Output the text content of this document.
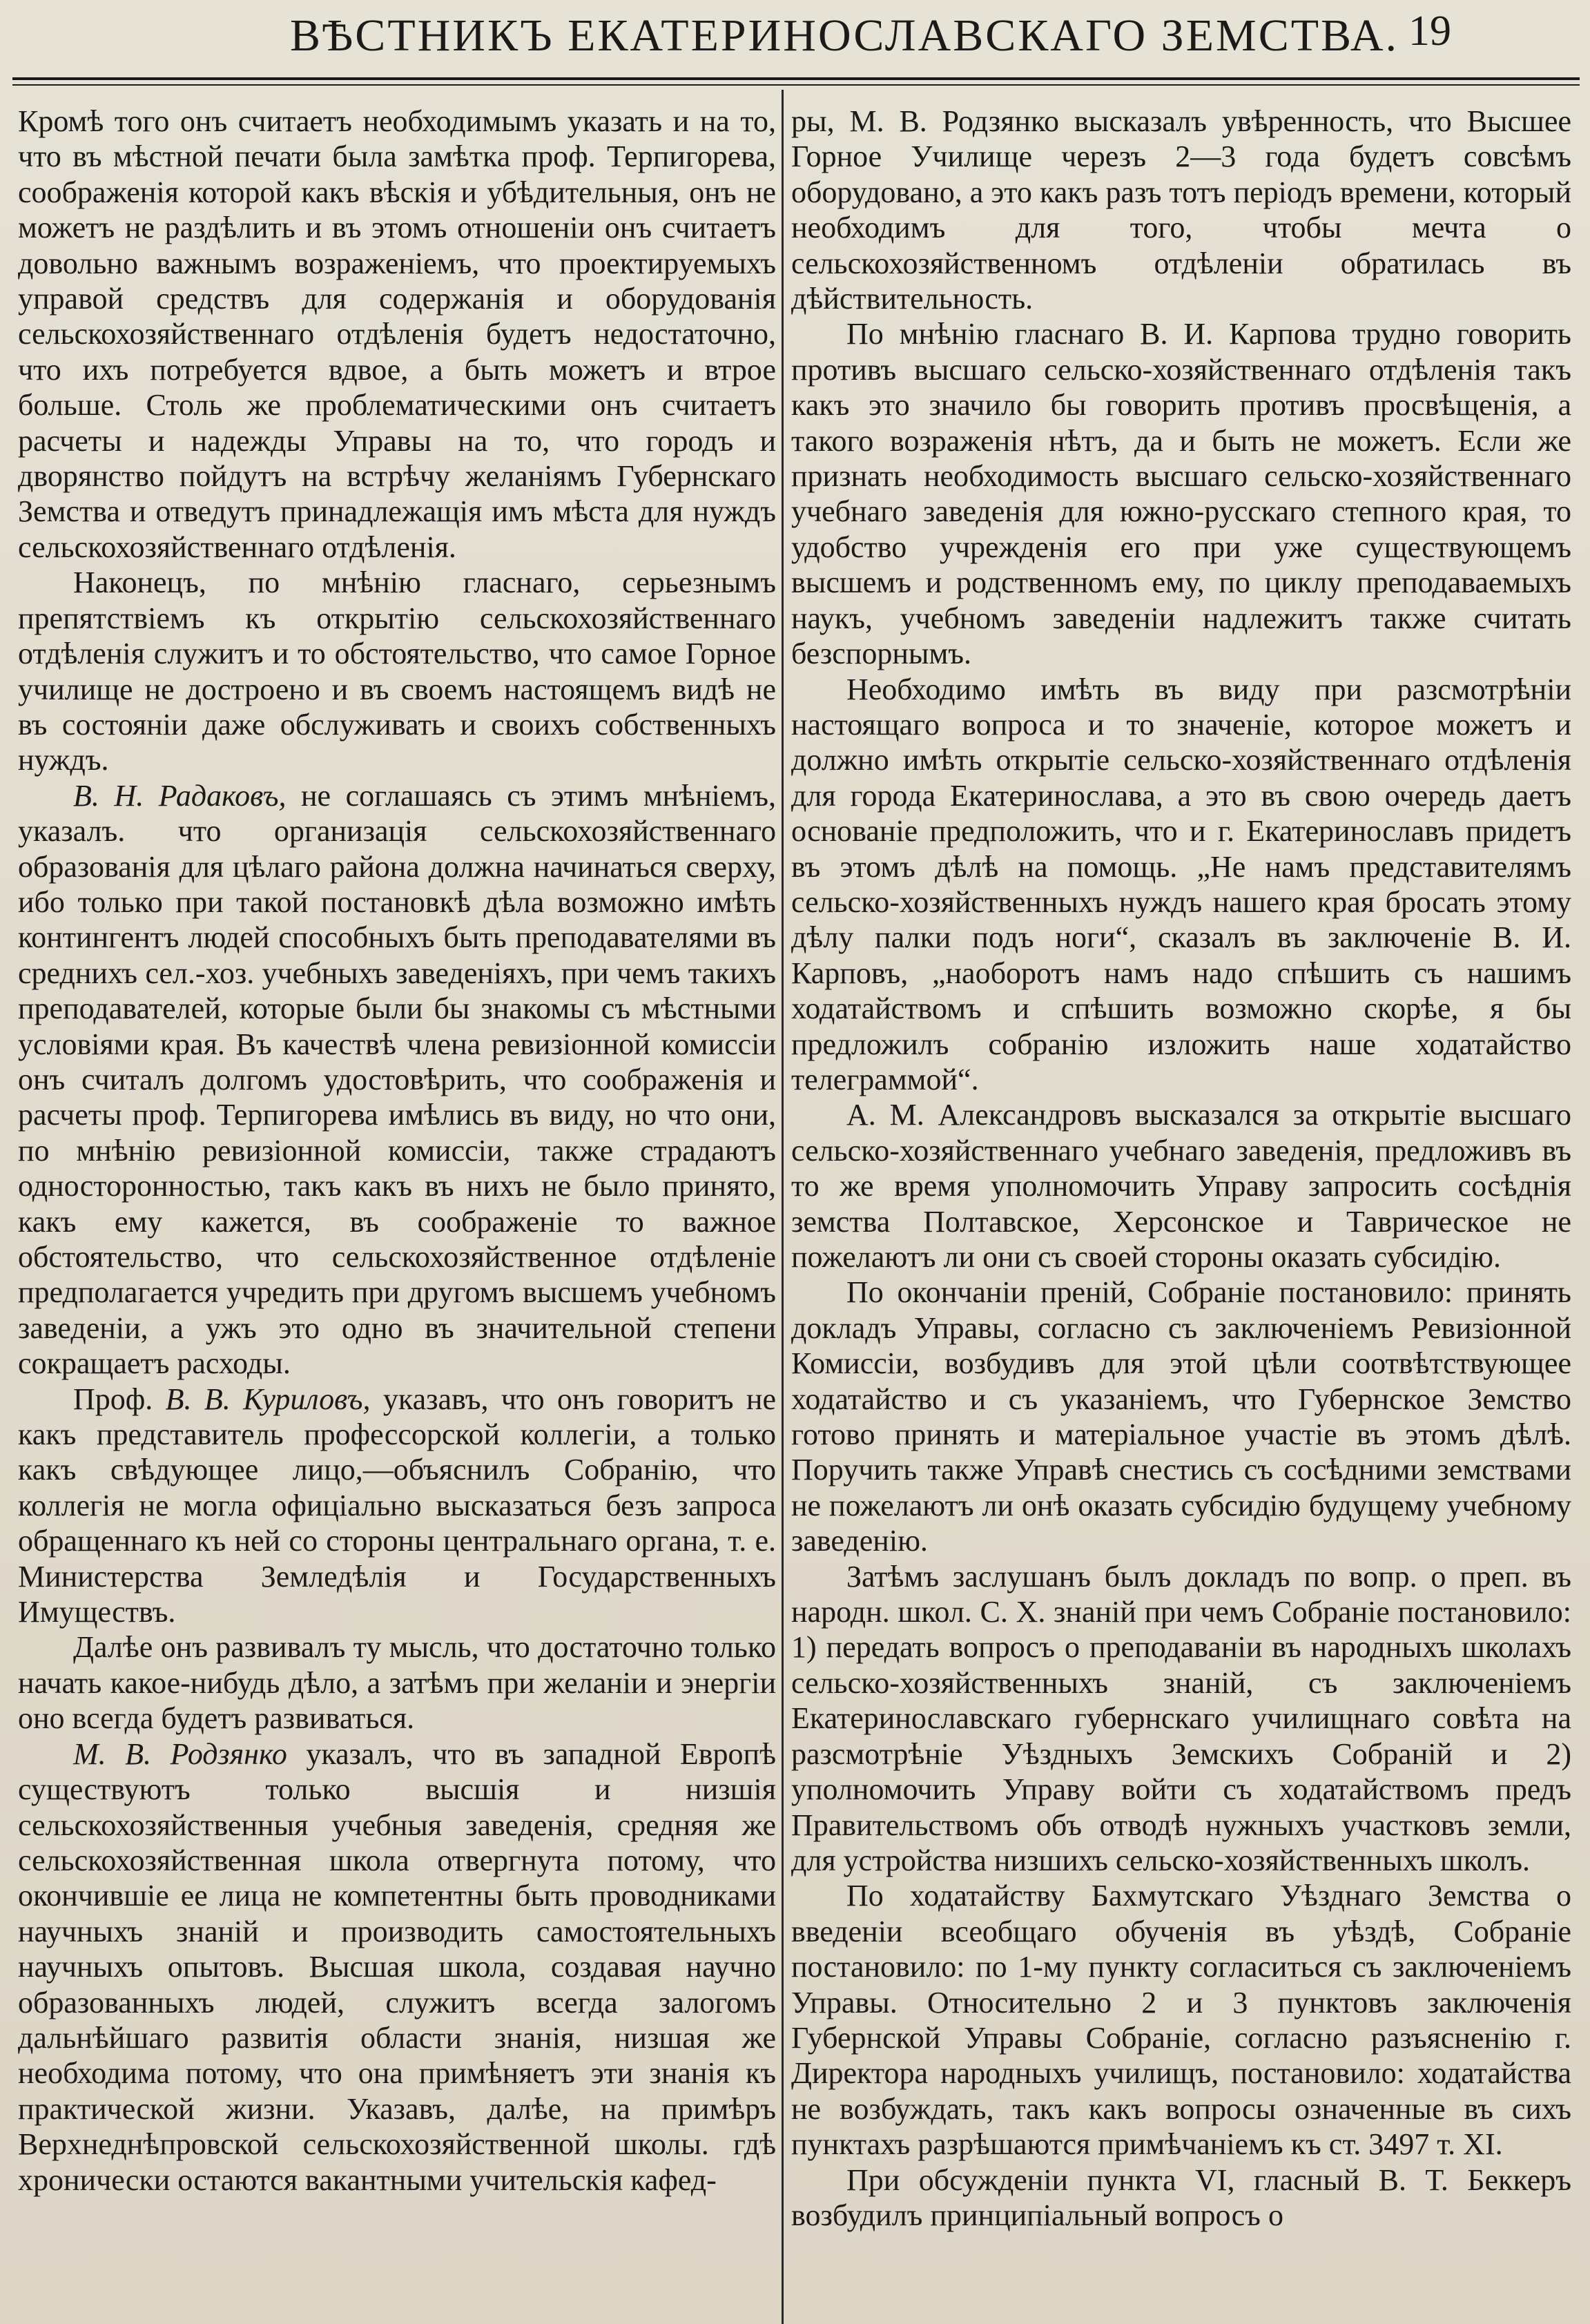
ВѢСТНИКЪ ЕКАТЕРИНОСЛАВСКАГО ЗЕМСТВА. 19

Кромѣ того онъ считаетъ необходимымъ указать и на то, что въ мѣстной печати была замѣтка проф. Терпигорева, соображенія которой какъ вѣскія и убѣдительныя, онъ не можетъ не раздѣлить и въ этомъ отношеніи онъ считаетъ довольно важнымъ возраженіемъ, что проектируемыхъ управой средствъ для содержанія и оборудованія сельскохозяйственнаго отдѣленія будетъ недостаточно, что ихъ потребуется вдвое, а быть можетъ и втрое больше. Столь же проблематическими онъ считаетъ расчеты и надежды Управы на то, что городъ и дворянство пойдутъ на встрѣчу желаніямъ Губернскаго Земства и отведутъ принадлежащія имъ мѣста для нуждъ сельскохозяйственнаго отдѣленія.

Наконецъ, по мнѣнію гласнаго, серьезнымъ препятствіемъ къ открытію сельскохозяйственнаго отдѣленія служитъ и то обстоятельство, что самое Горное училище не достроено и въ своемъ настоящемъ видѣ не въ состояніи даже обслуживать и своихъ собственныхъ нуждъ.

В. Н. Радаковъ, не соглашаясь съ этимъ мнѣніемъ, указалъ. что организація сельскохозяйственнаго образованія для цѣлаго района должна начинаться сверху, ибо только при такой постановкѣ дѣла возможно имѣть контингентъ людей способныхъ быть преподавателями въ среднихъ сел.-хоз. учебныхъ заведеніяхъ, при чемъ такихъ преподавателей, которые были бы знакомы съ мѣстными условіями края. Въ качествѣ члена ревизіонной комиссіи онъ считалъ долгомъ удостовѣрить, что соображенія и расчеты проф. Терпигорева имѣлись въ виду, но что они, по мнѣнію ревизіонной комиссіи, также страдаютъ односторонностью, такъ какъ въ нихъ не было принято, какъ ему кажется, въ соображеніе то важное обстоятельство, что сельскохозяйственное отдѣленіе предполагается учредить при другомъ высшемъ учебномъ заведеніи, а ужъ это одно въ значительной степени сокращаетъ расходы.

Проф. В. В. Куриловъ, указавъ, что онъ говоритъ не какъ представитель профессорской коллегіи, а только какъ свѣдующее лицо,—объяснилъ Собранію, что коллегія не могла офиціально высказаться безъ запроса обращеннаго къ ней со стороны центральнаго органа, т. е. Министерства Земледѣлія и Государственныхъ Имуществъ.

Далѣе онъ развивалъ ту мысль, что достаточно только начать какое-нибудь дѣло, а затѣмъ при желаніи и энергіи оно всегда будетъ развиваться.

М. В. Родзянко указалъ, что въ западной Европѣ существуютъ только высшія и низшія сельскохозяйственныя учебныя заведенія, средняя же сельскохозяйственная школа отвергнута потому, что окончившіе ее лица не компетентны быть проводниками научныхъ знаній и производить самостоятельныхъ научныхъ опытовъ. Высшая школа, создавая научно образованныхъ людей, служитъ всегда залогомъ дальнѣйшаго развитія области знанія, низшая же необходима потому, что она примѣняетъ эти знанія къ практической жизни. Указавъ, далѣе, на примѣръ Верхнеднѣпровской сельскохозяйственной школы. гдѣ хронически остаются вакантными учительскія кафед-

ры, М. В. Родзянко высказалъ увѣренность, что Высшее Горное Училище черезъ 2—3 года будетъ совсѣмъ оборудовано, а это какъ разъ тотъ періодъ времени, который необходимъ для того, чтобы мечта о сельскохозяйственномъ отдѣленіи обратилась въ дѣйствительность.

По мнѣнію гласнаго В. И. Карпова трудно говорить противъ высшаго сельско-хозяйственнаго отдѣленія такъ какъ это значило бы говорить противъ просвѣщенія, а такого возраженія нѣтъ, да и быть не можетъ. Если же признать необходимость высшаго сельско-хозяйственнаго учебнаго заведенія для южно-русскаго степного края, то удобство учрежденія его при уже существующемъ высшемъ и родственномъ ему, по циклу преподаваемыхъ наукъ, учебномъ заведеніи надлежитъ также считать безспорнымъ.

Необходимо имѣть въ виду при разсмотрѣніи настоящаго вопроса и то значеніе, которое можетъ и должно имѣть открытіе сельско-хозяйственнаго отдѣленія для города Екатеринослава, а это въ свою очередь даетъ основаніе предположить, что и г. Екатеринославъ придетъ въ этомъ дѣлѣ на помощь. „Не намъ представителямъ сельско-хозяйственныхъ нуждъ нашего края бросать этому дѣлу палки подъ ноги“, сказалъ въ заключеніе В. И. Карповъ, „наоборотъ намъ надо спѣшить съ нашимъ ходатайствомъ и спѣшить возможно скорѣе, я бы предложилъ собранію изложить наше ходатайство телеграммой“.

А. М. Александровъ высказался за открытіе высшаго сельско-хозяйственнаго учебнаго заведенія, предложивъ въ то же время уполномочить Управу запросить сосѣднія земства Полтавское, Херсонское и Таврическое не пожелаютъ ли они съ своей стороны оказать субсидію.

По окончаніи преній, Собраніе постановило: принять докладъ Управы, согласно съ заключеніемъ Ревизіонной Комиссіи, возбудивъ для этой цѣли соотвѣтствующее ходатайство и съ указаніемъ, что Губернское Земство готово принять и матеріальное участіе въ этомъ дѣлѣ. Поручить также Управѣ снестись съ сосѣдними земствами не пожелаютъ ли онѣ оказать субсидію будущему учебному заведенію.

Затѣмъ заслушанъ былъ докладъ по вопр. о преп. въ народн. школ. С. Х. знаній при чемъ Собраніе постановило: 1) передать вопросъ о преподаваніи въ народныхъ школахъ сельско-хозяйственныхъ знаній, съ заключеніемъ Екатеринославскаго губернскаго училищнаго совѣта на разсмотрѣніе Уѣздныхъ Земскихъ Собраній и 2) уполномочить Управу войти съ ходатайствомъ предъ Правительствомъ объ отводѣ нужныхъ участковъ земли, для устройства низшихъ сельско-хозяйственныхъ школъ.

По ходатайству Бахмутскаго Уѣзднаго Земства о введеніи всеобщаго обученія въ уѣздѣ, Собраніе постановило: по 1-му пункту согласиться съ заключеніемъ Управы. Относительно 2 и 3 пунктовъ заключенія Губернской Управы Собраніе, согласно разъясненію г. Директора народныхъ училищъ, постановило: ходатайства не возбуждать, такъ какъ вопросы означенные въ сихъ пунктахъ разрѣшаются примѣчаніемъ къ ст. 3497 т. XI.

При обсужденіи пункта VI, гласный В. Т. Беккеръ возбудилъ принципіальный вопросъ о
